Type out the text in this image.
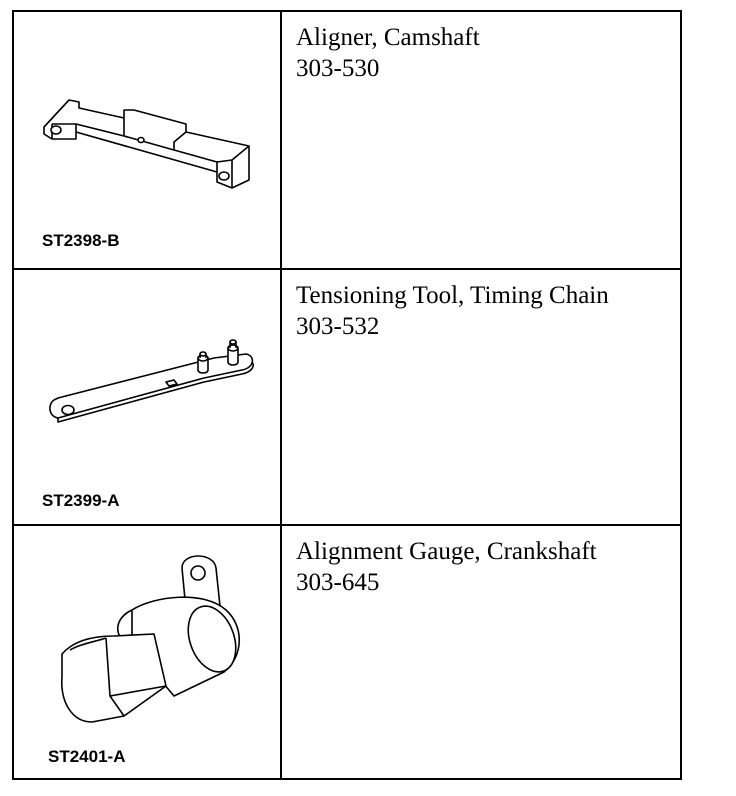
ST2398-B
Aligner, Camshaft
303-530
ST2399-A
Tensioning Tool, Timing Chain
303-532
ST2401-A
Alignment Gauge, Crankshaft
303-645
